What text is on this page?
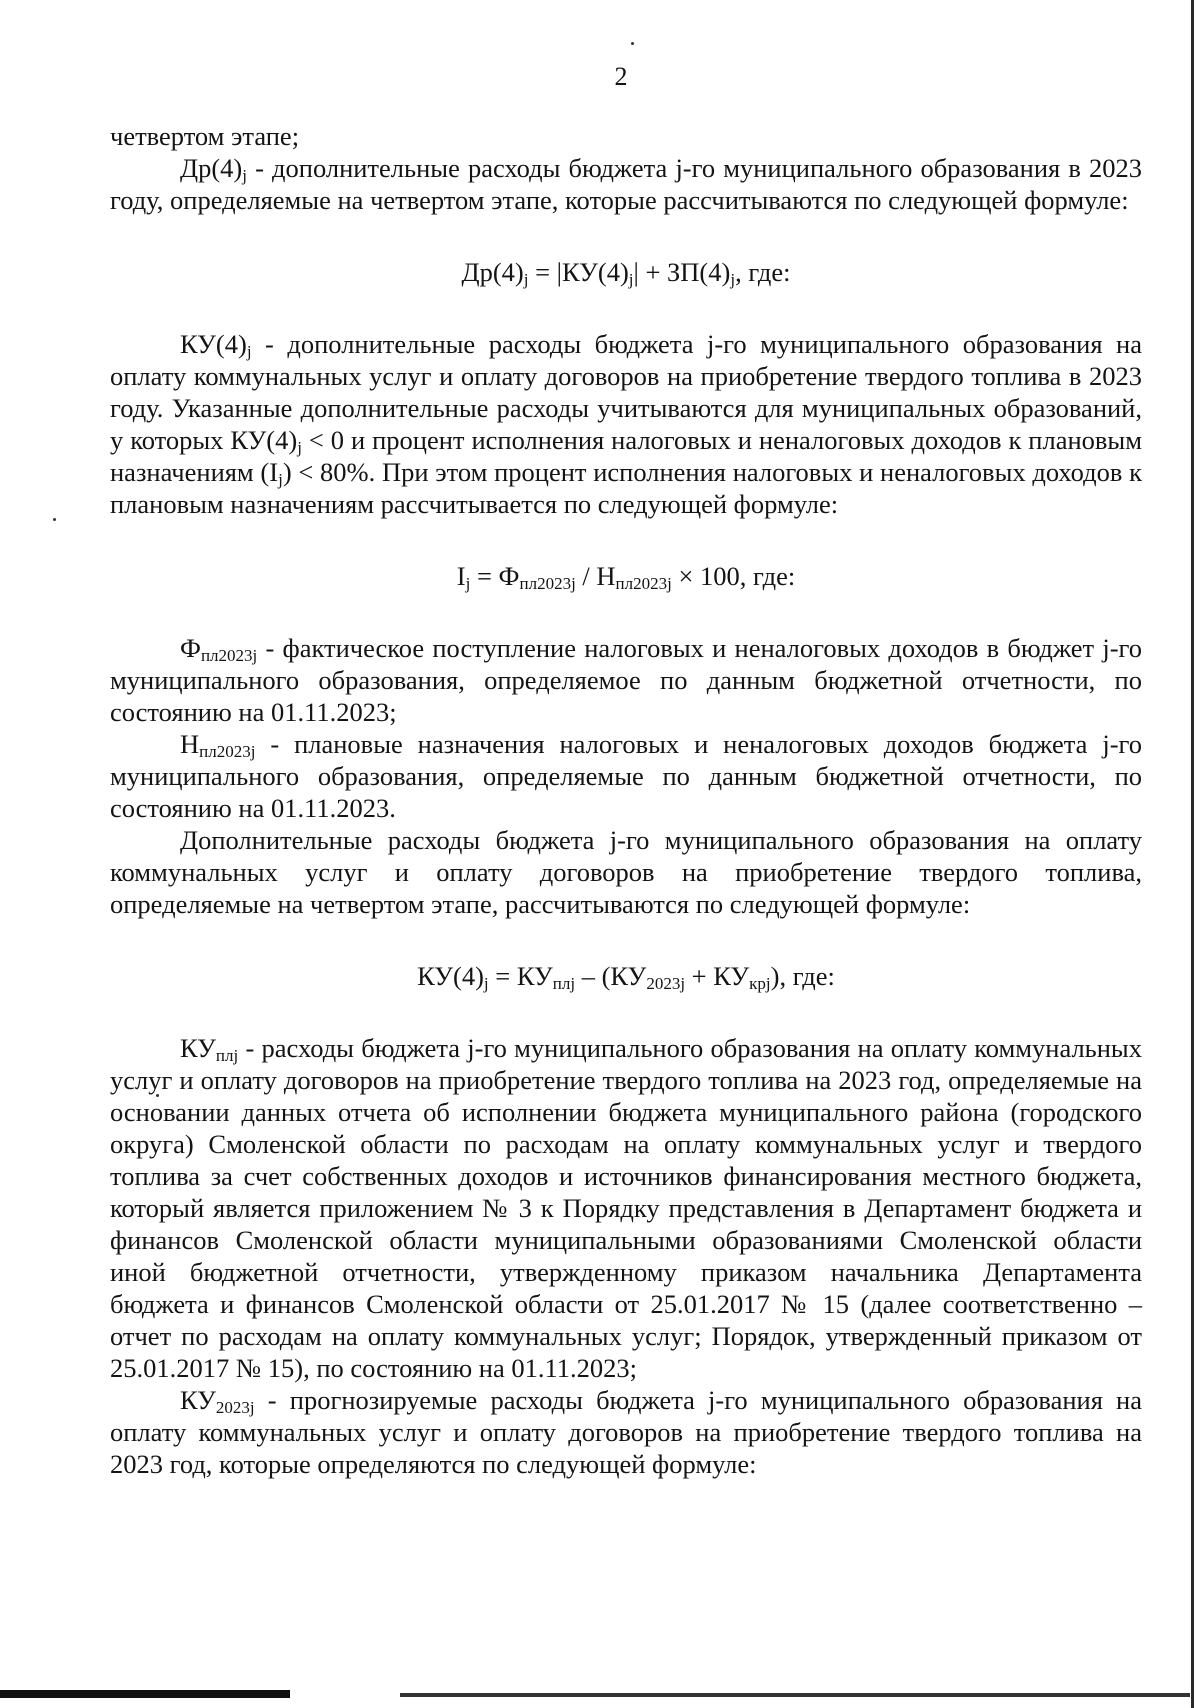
2

четвертом этапе;

$Др(4)_j$ - дополнительные расходы бюджета j-го муниципального образования в 2023 году, определяемые на четвертом этапе, которые рассчитываются по следующей формуле:

$Др(4)_j = |КУ(4)_j| + ЗП(4)_j$, где:

$КУ(4)_j$ - дополнительные расходы бюджета j-го муниципального образования на оплату коммунальных услуг и оплату договоров на приобретение твердого топлива в 2023 году. Указанные дополнительные расходы учитываются для муниципальных образований, у которых $КУ(4)_j < 0$ и процент исполнения налоговых и неналоговых доходов к плановым назначениям $(I_j) < 80\%$. При этом процент исполнения налоговых и неналоговых доходов к плановым назначениям рассчитывается по следующей формуле:

$I_j = Ф_{пл2023j} / Н_{пл2023j} \times 100$, где:

$Ф_{пл2023j}$ - фактическое поступление налоговых и неналоговых доходов в бюджет j-го муниципального образования, определяемое по данным бюджетной отчетности, по состоянию на 01.11.2023;

$Н_{пл2023j}$ - плановые назначения налоговых и неналоговых доходов бюджета j-го муниципального образования, определяемые по данным бюджетной отчетности, по состоянию на 01.11.2023.

Дополнительные расходы бюджета j-го муниципального образования на оплату коммунальных услуг и оплату договоров на приобретение твердого топлива, определяемые на четвертом этапе, рассчитываются по следующей формуле:

$КУ(4)_j = КУ_{плj} - (КУ_{2023j} + КУ_{крj})$, где:

$КУ_{плj}$ - расходы бюджета j-го муниципального образования на оплату коммунальных услуг и оплату договоров на приобретение твердого топлива на 2023 год, определяемые на основании данных отчета об исполнении бюджета муниципального района (городского округа) Смоленской области по расходам на оплату коммунальных услуг и твердого топлива за счет собственных доходов и источников финансирования местного бюджета, который является приложением № 3 к Порядку представления в Департамент бюджета и финансов Смоленской области муниципальными образованиями Смоленской области иной бюджетной отчетности, утвержденному приказом начальника Департамента бюджета и финансов Смоленской области от 25.01.2017 № 15 (далее соответственно – отчет по расходам на оплату коммунальных услуг; Порядок, утвержденный приказом от 25.01.2017 № 15), по состоянию на 01.11.2023;

$КУ_{2023j}$ - прогнозируемые расходы бюджета j-го муниципального образования на оплату коммунальных услуг и оплату договоров на приобретение твердого топлива на 2023 год, которые определяются по следующей формуле:
